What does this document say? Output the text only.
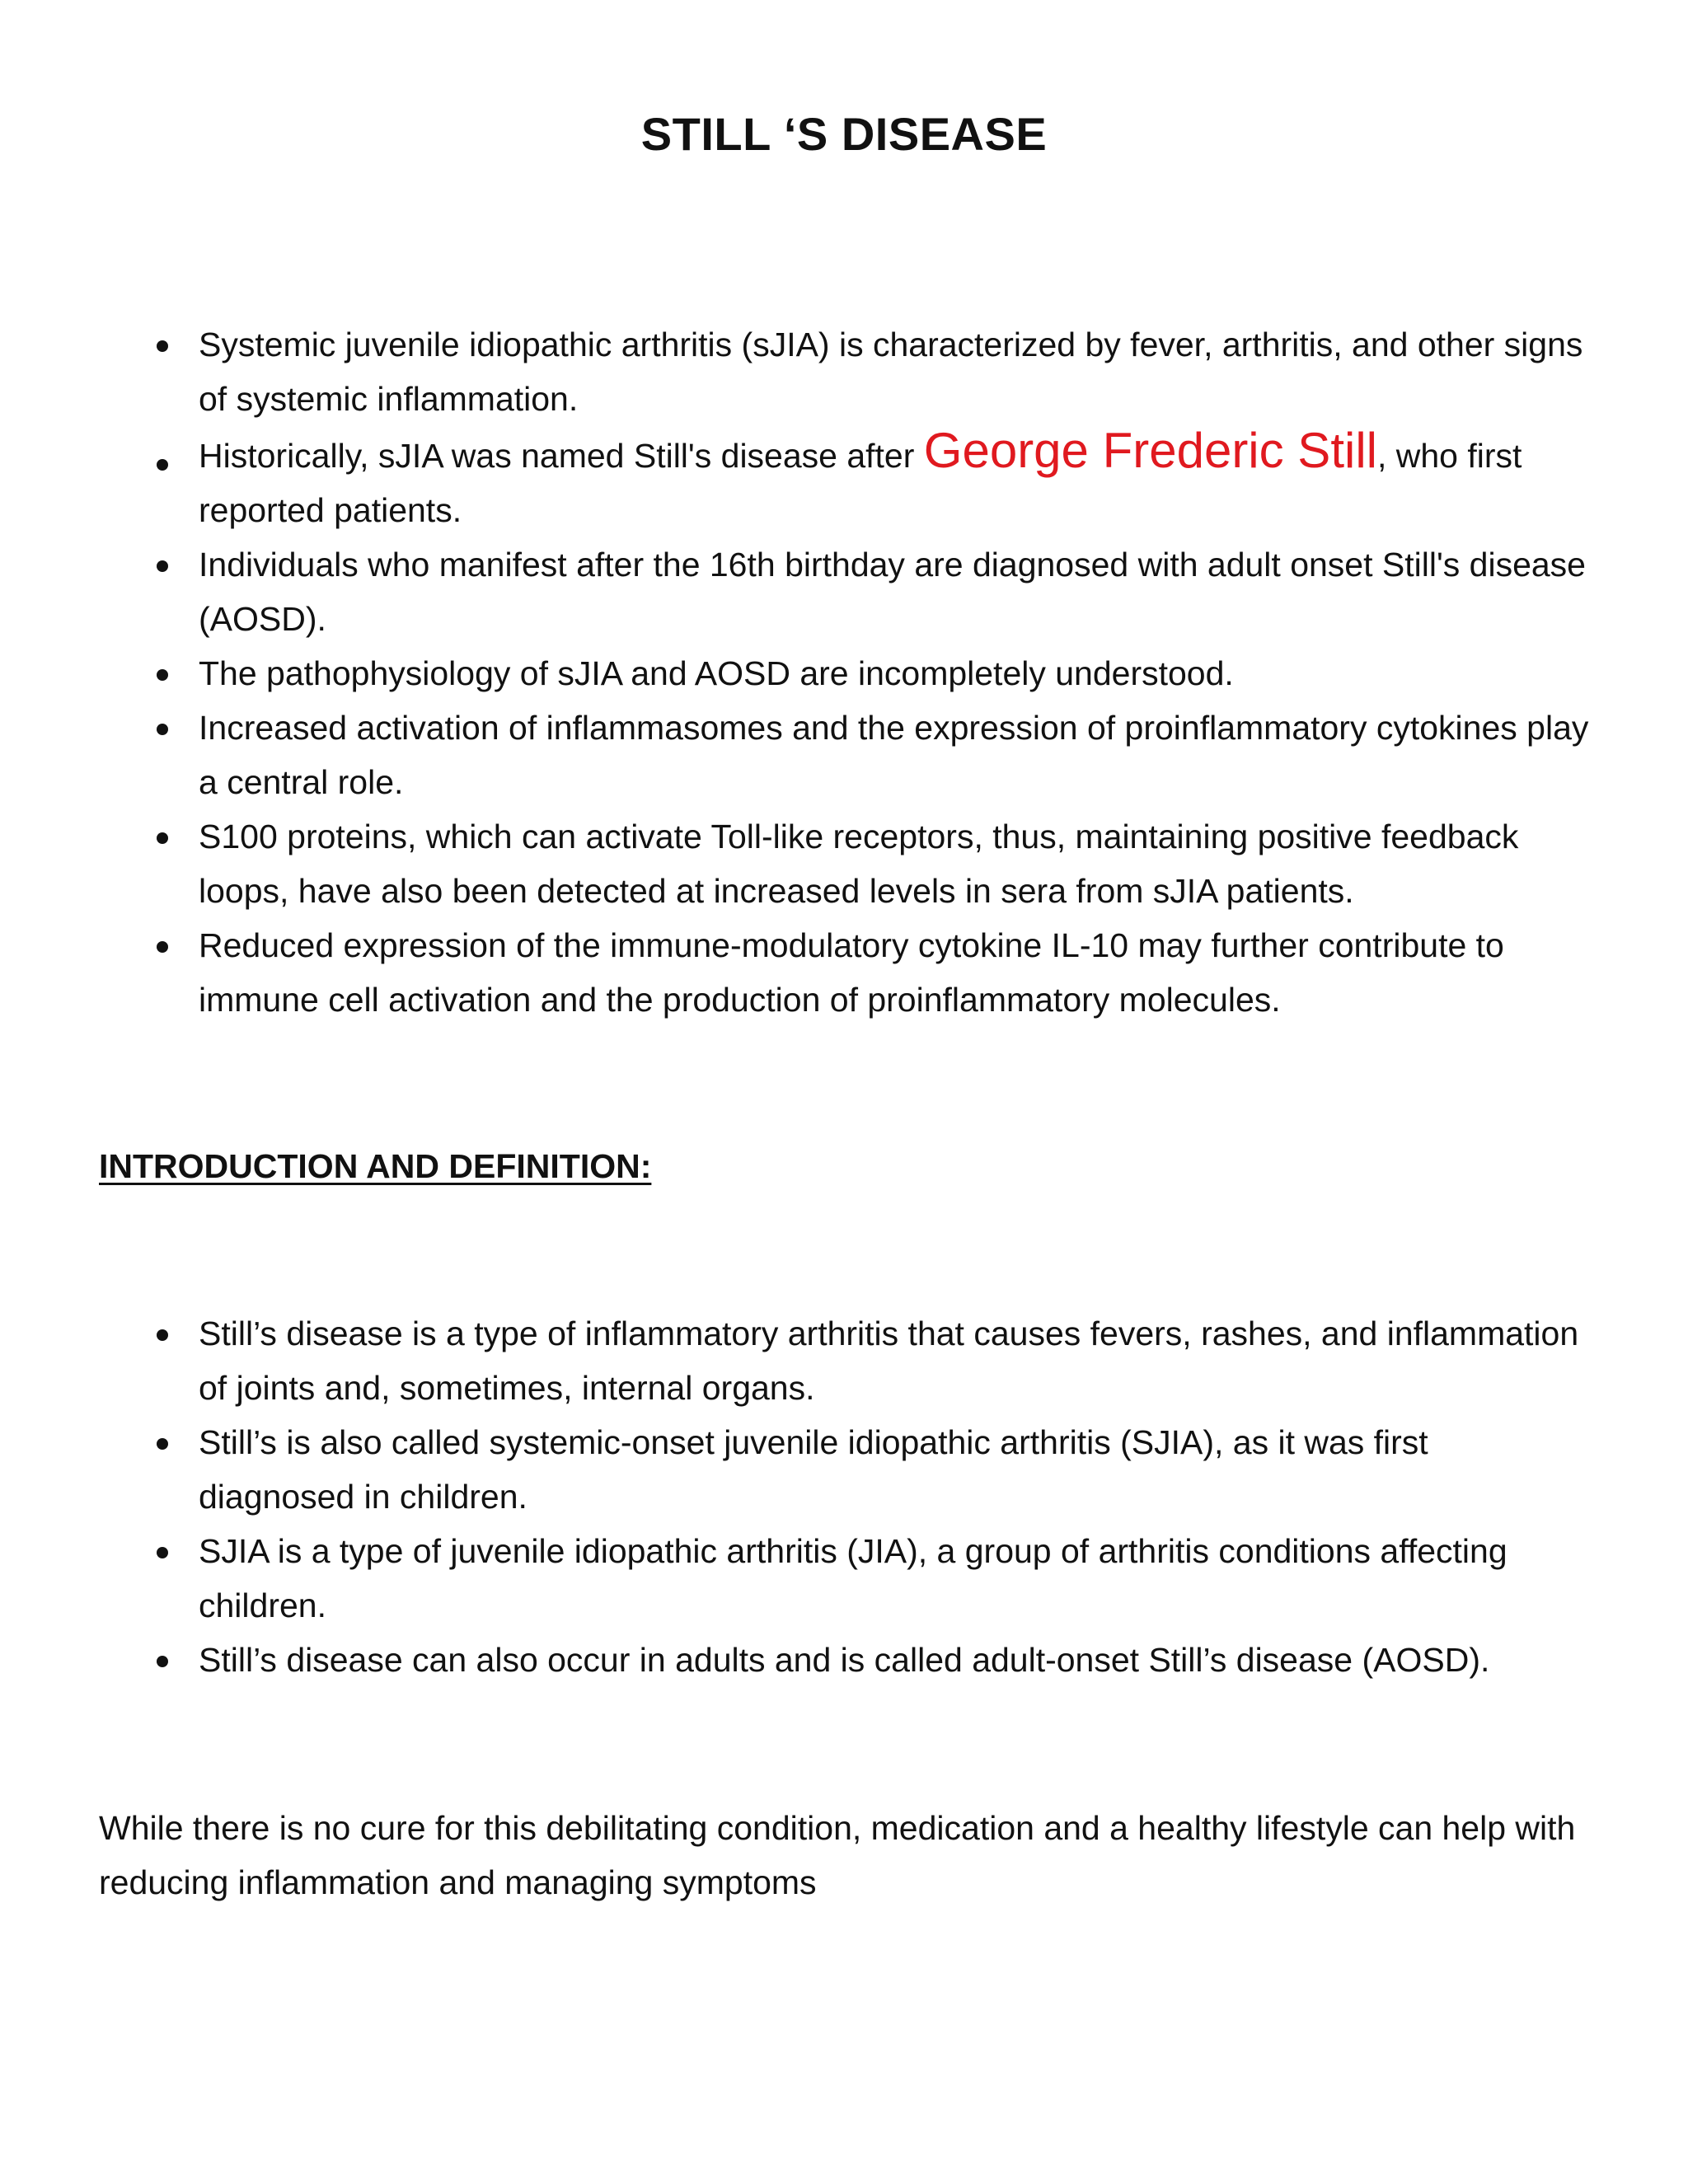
STILL ‘S DISEASE
Systemic juvenile idiopathic arthritis (sJIA) is characterized by fever, arthritis, and other signs of systemic inflammation.
Historically, sJIA was named Still's disease after George Frederic Still, who first reported patients.
Individuals who manifest after the 16th birthday are diagnosed with adult onset Still's disease (AOSD).
The pathophysiology of sJIA and AOSD are incompletely understood.
Increased activation of inflammasomes and the expression of proinflammatory cytokines play a central role.
S100 proteins, which can activate Toll-like receptors, thus, maintaining positive feedback loops, have also been detected at increased levels in sera from sJIA patients.
Reduced expression of the immune-modulatory cytokine IL-10 may further contribute to immune cell activation and the production of proinflammatory molecules.
INTRODUCTION AND DEFINITION:
Still’s disease is a type of inflammatory arthritis that causes fevers, rashes, and inflammation of joints and, sometimes, internal organs.
Still’s is also called systemic-onset juvenile idiopathic arthritis (SJIA), as it was first diagnosed in children.
SJIA is a type of juvenile idiopathic arthritis (JIA), a group of arthritis conditions affecting children.
Still’s disease can also occur in adults and is called adult-onset Still’s disease (AOSD).
While there is no cure for this debilitating condition, medication and a healthy lifestyle can help with reducing inflammation and managing symptoms
